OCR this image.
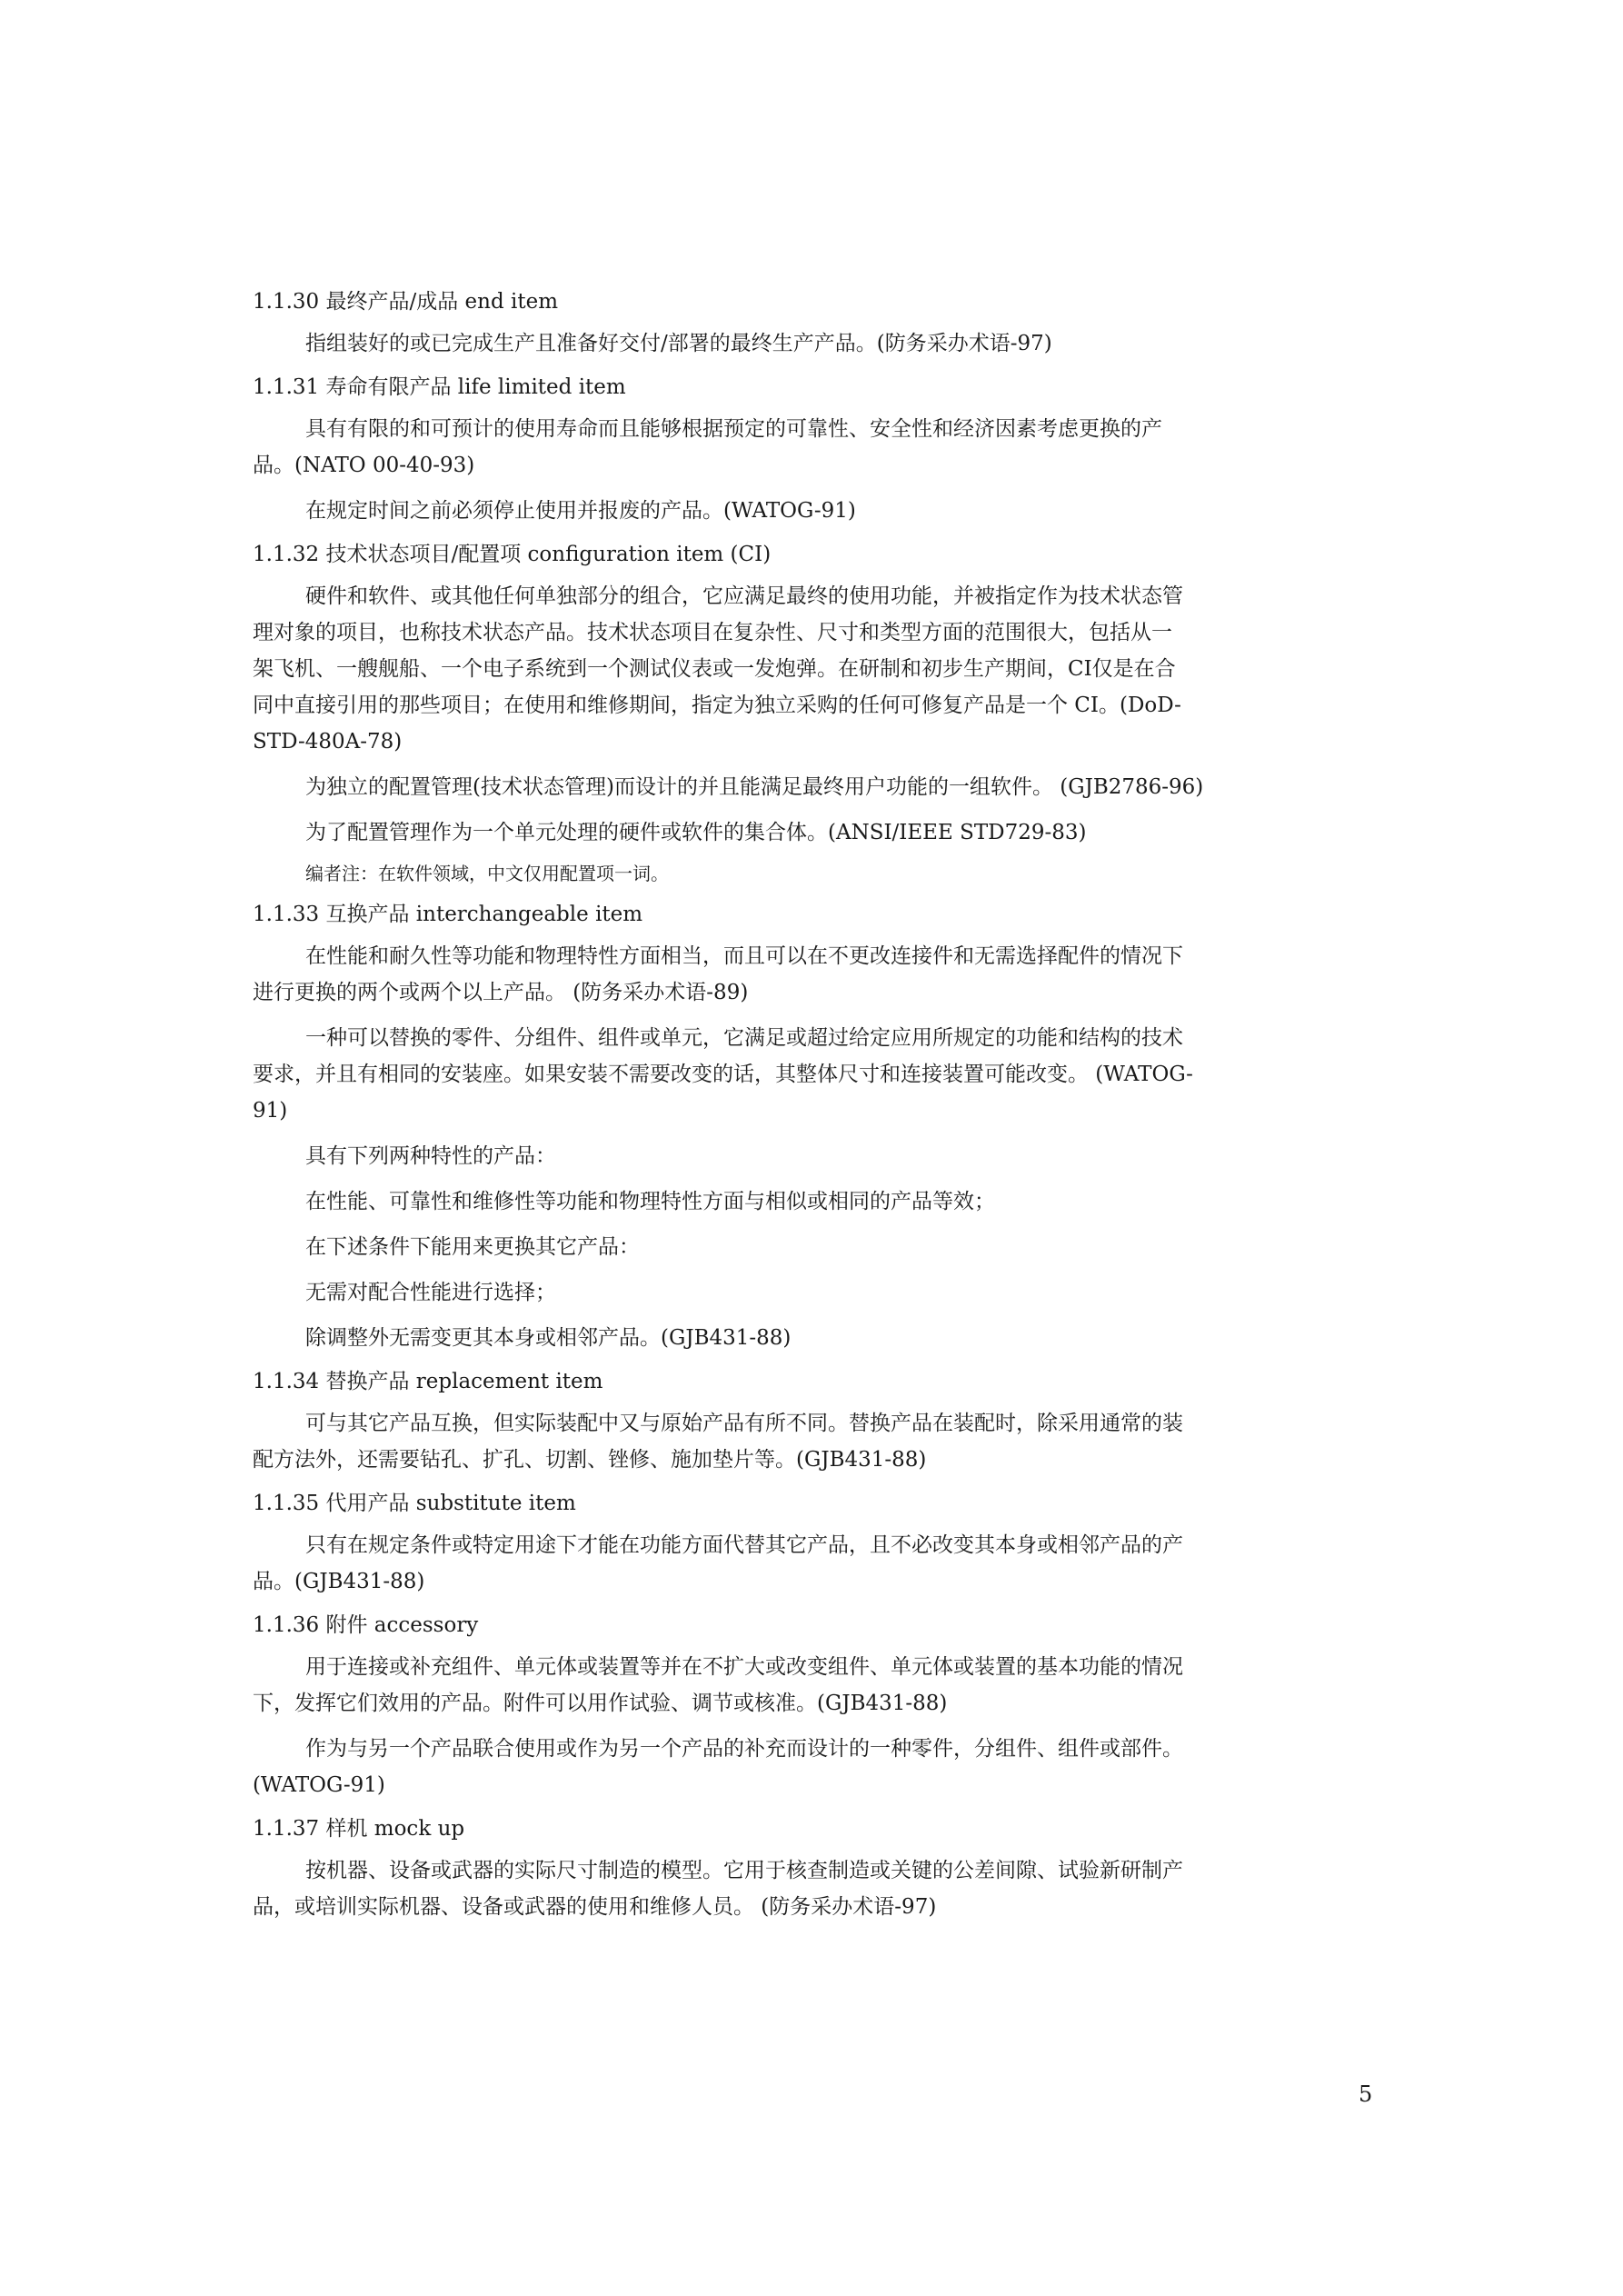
1.1.30 最终产品/成品 end item
指组装好的或已完成生产且准备好交付/部署的最终生产产品。(防务采办术语-97)
1.1.31 寿命有限产品 life limited item
具有有限的和可预计的使用寿命而且能够根据预定的可靠性、安全性和经济因素考虑更换的产
品。(NATO 00-40-93)
在规定时间之前必须停止使用并报废的产品。(WATOG-91)
1.1.32 技术状态项目/配置项 configuration item (CI)
硬件和软件、或其他任何单独部分的组合，它应满足最终的使用功能，并被指定作为技术状态管
理对象的项目，也称技术状态产品。技术状态项目在复杂性、尺寸和类型方面的范围很大，包括从一
架飞机、一艘舰船、一个电子系统到一个测试仪表或一发炮弹。在研制和初步生产期间，CI仅是在合
同中直接引用的那些项目；在使用和维修期间，指定为独立采购的任何可修复产品是一个 CI。(DoD-
STD-480A-78)
为独立的配置管理(技术状态管理)而设计的并且能满足最终用户功能的一组软件。 (GJB2786-96)
为了配置管理作为一个单元处理的硬件或软件的集合体。(ANSI/IEEE STD729-83)
编者注：在软件领域，中文仅用配置项一词。
1.1.33 互换产品 interchangeable item
在性能和耐久性等功能和物理特性方面相当，而且可以在不更改连接件和无需选择配件的情况下
进行更换的两个或两个以上产品。 (防务采办术语-89)
一种可以替换的零件、分组件、组件或单元，它满足或超过给定应用所规定的功能和结构的技术
要求，并且有相同的安装座。如果安装不需要改变的话，其整体尺寸和连接装置可能改变。 (WATOG-
91)
具有下列两种特性的产品：
在性能、可靠性和维修性等功能和物理特性方面与相似或相同的产品等效；
在下述条件下能用来更换其它产品：
无需对配合性能进行选择；
除调整外无需变更其本身或相邻产品。(GJB431-88)
1.1.34 替换产品 replacement item
可与其它产品互换，但实际装配中又与原始产品有所不同。替换产品在装配时，除采用通常的装
配方法外，还需要钻孔、扩孔、切割、锉修、施加垫片等。(GJB431-88)
1.1.35 代用产品 substitute item
只有在规定条件或特定用途下才能在功能方面代替其它产品，且不必改变其本身或相邻产品的产
品。(GJB431-88)
1.1.36 附件 accessory
用于连接或补充组件、单元体或装置等并在不扩大或改变组件、单元体或装置的基本功能的情况
下，发挥它们效用的产品。附件可以用作试验、调节或核准。(GJB431-88)
作为与另一个产品联合使用或作为另一个产品的补充而设计的一种零件，分组件、组件或部件。
(WATOG-91)
1.1.37 样机 mock up
按机器、设备或武器的实际尺寸制造的模型。它用于核查制造或关键的公差间隙、试验新研制产
品，或培训实际机器、设备或武器的使用和维修人员。 (防务采办术语-97)
5
